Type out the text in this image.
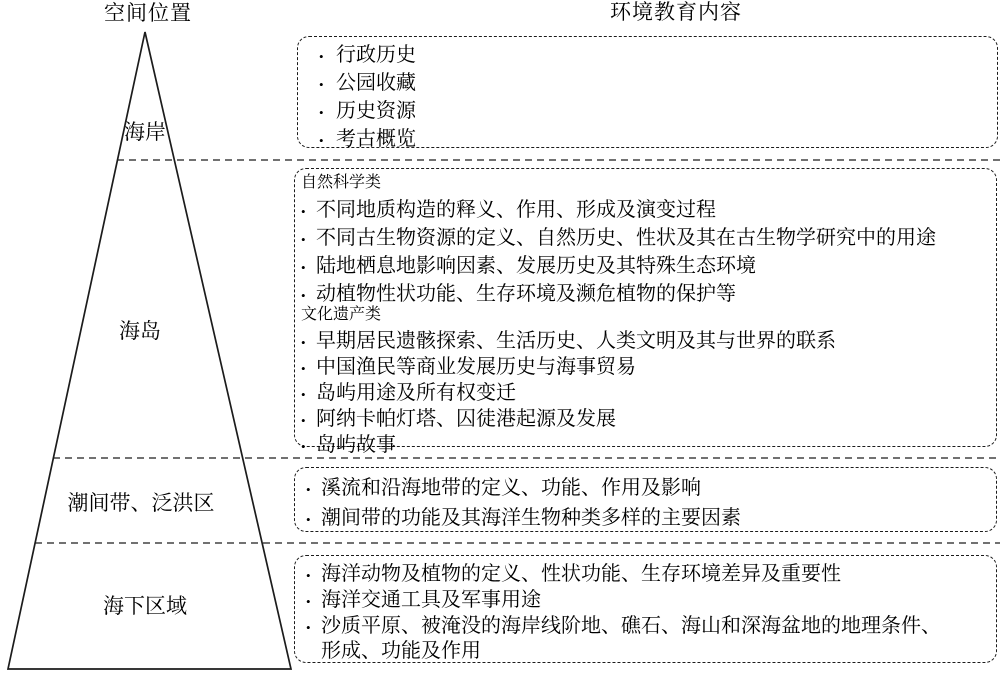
空间位置	环境教育内容
海岸
海岛
潮间带、泛洪区
海下区域
• 行政历史
• 公园收藏
• 历史资源
• 考古概览
自然科学类
• 不同地质构造的释义、作用、形成及演变过程
• 不同古生物资源的定义、自然历史、性状及其在古生物学研究中的用途
• 陆地栖息地影响因素、发展历史及其特殊生态环境
• 动植物性状功能、生存环境及濒危植物的保护等
文化遗产类
• 早期居民遗骸探索、生活历史、人类文明及其与世界的联系
• 中国渔民等商业发展历史与海事贸易
• 岛屿用途及所有权变迁
• 阿纳卡帕灯塔、囚徒港起源及发展
• 岛屿故事
• 溪流和沿海地带的定义、功能、作用及影响
• 潮间带的功能及其海洋生物种类多样的主要因素
• 海洋动物及植物的定义、性状功能、生存环境差异及重要性
• 海洋交通工具及军事用途
• 沙质平原、被淹没的海岸线阶地、礁石、海山和深海盆地的地理条件、形成、功能及作用
